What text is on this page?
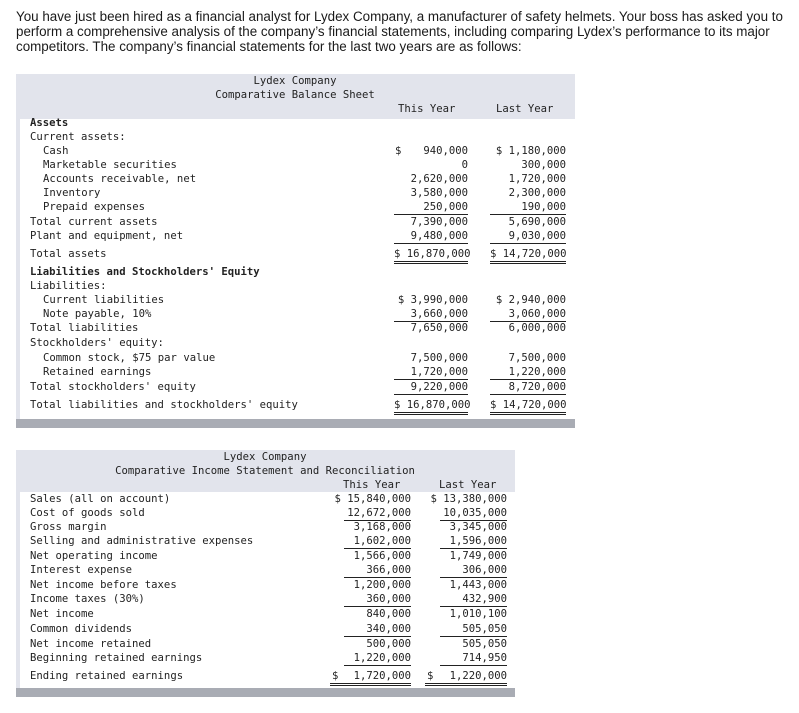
You have just been hired as a financial analyst for Lydex Company, a manufacturer of safety helmets. Your boss has asked you to perform a comprehensive analysis of the company’s financial statements, including comparing Lydex’s performance to its major competitors. The company’s financial statements for the last two years are as follows:

Lydex Company
Comparative Balance Sheet
This Year	Last Year
Assets
Current assets:
Cash	$	940,000	$ 1,180,000
Marketable securities	0	300,000
Accounts receivable, net	2,620,000	1,720,000
Inventory	3,580,000	2,300,000
Prepaid expenses	250,000	190,000
Total current assets	7,390,000	5,690,000
Plant and equipment, net	9,480,000	9,030,000
Total assets	$ 16,870,000 $ 14,720,000
Liabilities and Stockholders' Equity
Liabilities:
Current liabilities	$ 3,990,000	$ 2,940,000
Note payable, 10%	3,660,000	3,060,000
Total liabilities	7,650,000	6,000,000
Stockholders' equity:
Common stock, $75 par value	7,500,000	7,500,000
Retained earnings	1,720,000	1,220,000
Total stockholders' equity	9,220,000	8,720,000
Total liabilities and stockholders' equity	$ 16,870,000 $ 14,720,000
Lydex Company
Comparative Income Statement and Reconciliation
This Year	Last Year
Sales (all on account)	$ 15,840,000	$ 13,380,000
Cost of goods sold	12,672,000	10,035,000
Gross margin	3,168,000	3,345,000
Selling and administrative expenses	1,602,000	1,596,000
Net operating income	1,566,000	1,749,000
Interest expense	366,000	306,000
Net income before taxes	1,200,000	1,443,000
Income taxes (30%)	360,000	432,900
Net income	840,000	1,010,100
Common dividends	340,000	505,050
Net income retained	500,000	505,050
Beginning retained earnings	1,220,000	714,950
Ending retained earnings	$	1,720,000 $	1,220,000
